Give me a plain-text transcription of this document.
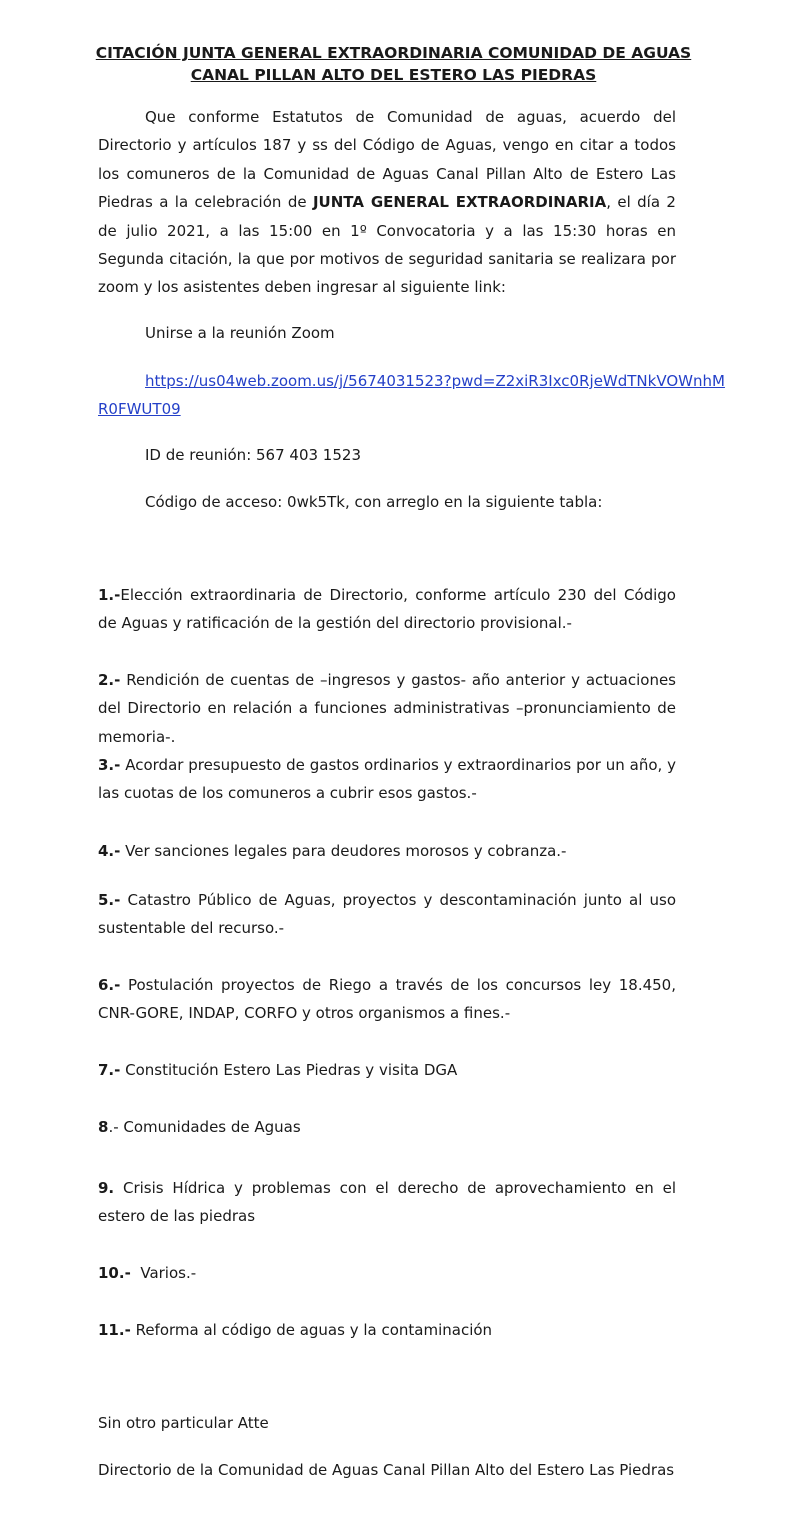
CITACIÓN JUNTA GENERAL EXTRAORDINARIA COMUNIDAD DE AGUAS
CANAL PILLAN ALTO DEL ESTERO LAS PIEDRAS

Que conforme Estatutos de Comunidad de aguas, acuerdo del Directorio y artículos 187 y ss del Código de Aguas, vengo en citar a todos los comuneros de la Comunidad de Aguas Canal Pillan Alto de Estero Las Piedras a la celebración de JUNTA GENERAL EXTRAORDINARIA, el día 2 de julio 2021, a las 15:00 en 1º Convocatoria y a las 15:30 horas en Segunda citación, la que por motivos de seguridad sanitaria se realizara por zoom y los asistentes deben ingresar al siguiente link:

Unirse a la reunión Zoom
https://us04web.zoom.us/j/5674031523?pwd=Z2xiR3Ixc0RjeWdTNkVOWnhMR0FWUT09
ID de reunión: 567 403 1523
Código de acceso: 0wk5Tk, con arreglo en la siguiente tabla:

1.-Elección extraordinaria de Directorio, conforme artículo 230 del Código de Aguas y ratificación de la gestión del directorio provisional.-

2.- Rendición de cuentas de –ingresos y gastos- año anterior y actuaciones del Directorio en relación a funciones administrativas –pronunciamiento de memoria-.

3.- Acordar presupuesto de gastos ordinarios y extraordinarios por un año, y las cuotas de los comuneros a cubrir esos gastos.-

4.- Ver sanciones legales para deudores morosos y cobranza.-

5.- Catastro Público de Aguas, proyectos y descontaminación junto al uso sustentable del recurso.-

6.- Postulación proyectos de Riego a través de los concursos ley 18.450, CNR-GORE, INDAP, CORFO y otros organismos a fines.-

7.- Constitución Estero Las Piedras y visita DGA

8.- Comunidades de Aguas

9. Crisis Hídrica y problemas con el derecho de aprovechamiento en el estero de las piedras

10.-  Varios.-

11.- Reforma al código de aguas y la contaminación

Sin otro particular Atte
Directorio de la Comunidad de Aguas Canal Pillan Alto del Estero Las Piedras
